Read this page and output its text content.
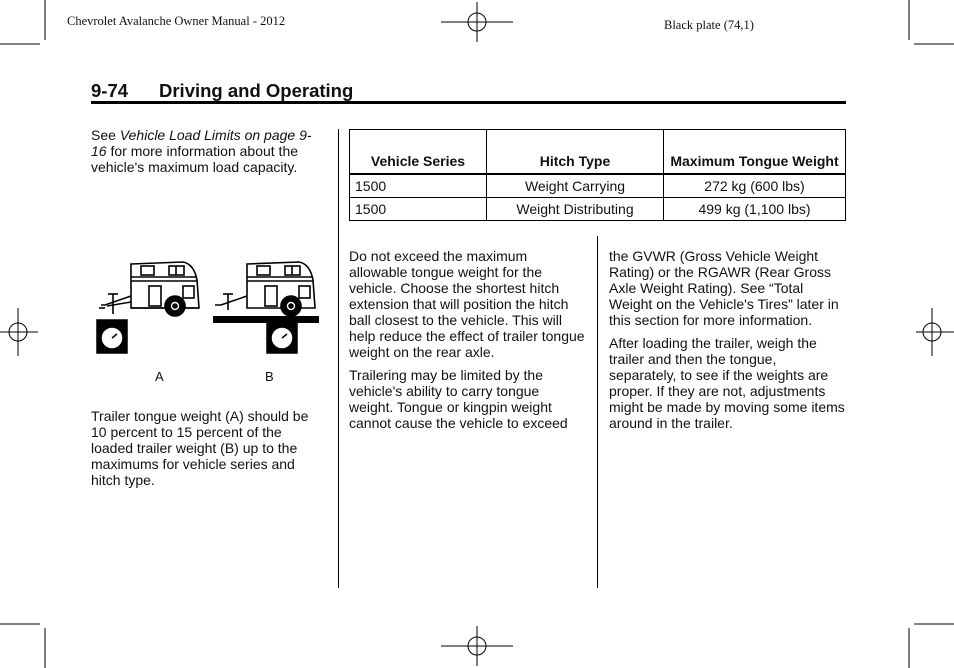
Chevrolet Avalanche Owner Manual - 2012	Black plate (74,1)
9-74 Driving and Operating
See Vehicle Load Limits on page 9-16 for more information about the vehicle's maximum load capacity.
A	B
Trailer tongue weight (A) should be 10 percent to 15 percent of the loaded trailer weight (B) up to the maximums for vehicle series and hitch type.
Vehicle Series	Hitch Type	Maximum Tongue Weight
1500	Weight Carrying	272 kg (600 lbs)
1500	Weight Distributing	499 kg (1,100 lbs)

Do not exceed the maximum allowable tongue weight for the vehicle. Choose the shortest hitch extension that will position the hitch ball closest to the vehicle. This will help reduce the effect of trailer tongue weight on the rear axle.

Trailering may be limited by the vehicle's ability to carry tongue weight. Tongue or kingpin weight cannot cause the vehicle to exceed

the GVWR (Gross Vehicle Weight Rating) or the RGAWR (Rear Gross Axle Weight Rating). See “Total Weight on the Vehicle's Tires” later in this section for more information.

After loading the trailer, weigh the trailer and then the tongue, separately, to see if the weights are proper. If they are not, adjustments might be made by moving some items around in the trailer.
